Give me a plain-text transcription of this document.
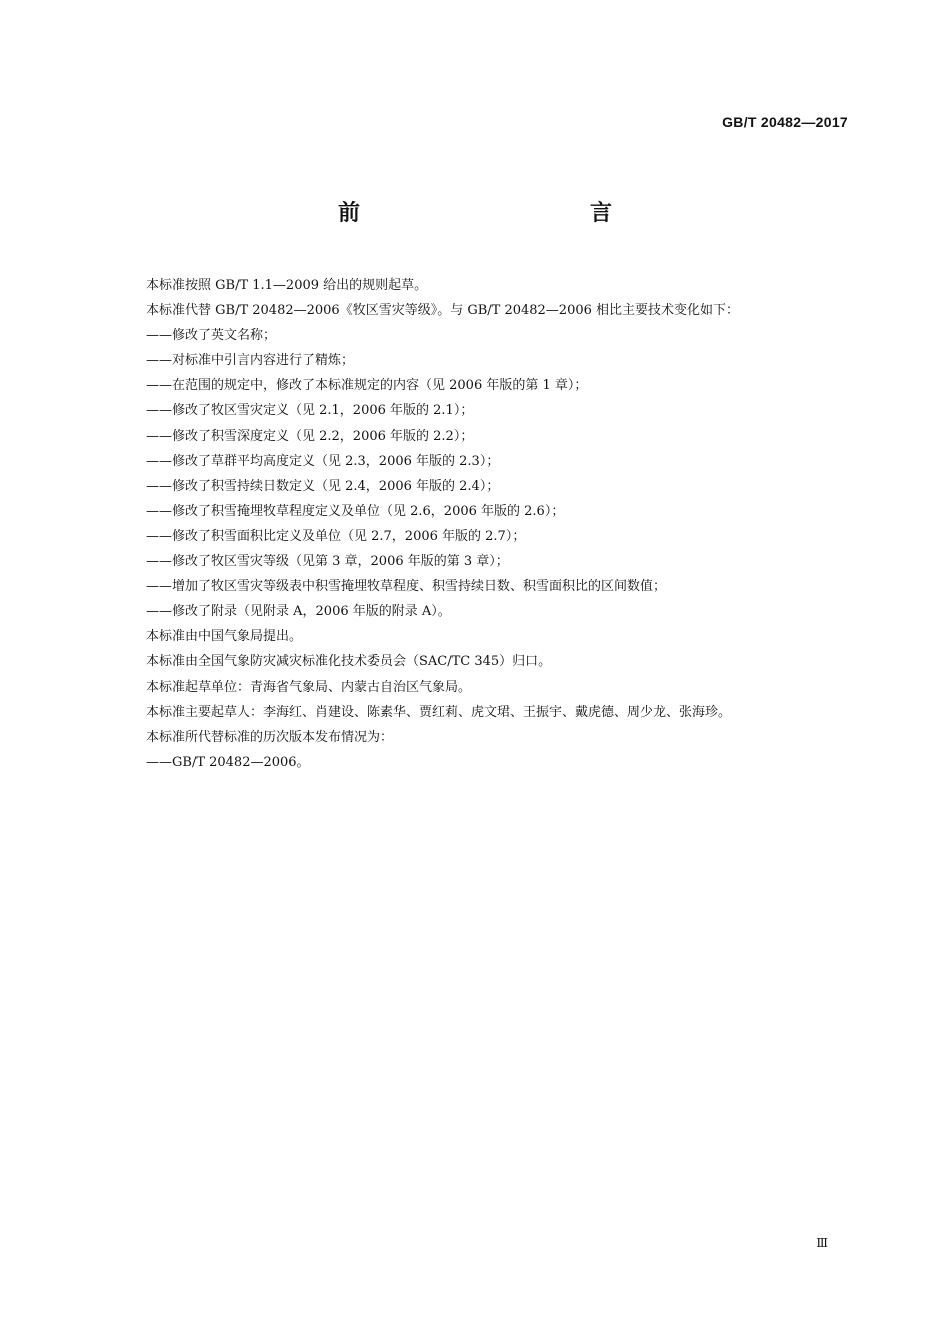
GB/T 20482—2017
前　　言
本标准按照 GB/T 1.1—2009 给出的规则起草。
本标准代替 GB/T 20482—2006《牧区雪灾等级》。与 GB/T 20482—2006 相比主要技术变化如下：
——修改了英文名称；
——对标准中引言内容进行了精炼；
——在范围的规定中，修改了本标准规定的内容（见 2006 年版的第 1 章）；
——修改了牧区雪灾定义（见 2.1，2006 年版的 2.1）；
——修改了积雪深度定义（见 2.2，2006 年版的 2.2）；
——修改了草群平均高度定义（见 2.3，2006 年版的 2.3）；
——修改了积雪持续日数定义（见 2.4，2006 年版的 2.4）；
——修改了积雪掩埋牧草程度定义及单位（见 2.6，2006 年版的 2.6）；
——修改了积雪面积比定义及单位（见 2.7，2006 年版的 2.7）；
——修改了牧区雪灾等级（见第 3 章，2006 年版的第 3 章）；
——增加了牧区雪灾等级表中积雪掩埋牧草程度、积雪持续日数、积雪面积比的区间数值；
——修改了附录（见附录 A，2006 年版的附录 A）。
本标准由中国气象局提出。
本标准由全国气象防灾减灾标准化技术委员会（SAC/TC 345）归口。
本标准起草单位：青海省气象局、内蒙古自治区气象局。
本标准主要起草人：李海红、肖建设、陈素华、贾红莉、虎文珺、王振宇、戴虎德、周少龙、张海珍。
本标准所代替标准的历次版本发布情况为：
——GB/T 20482—2006。
Ⅲ
